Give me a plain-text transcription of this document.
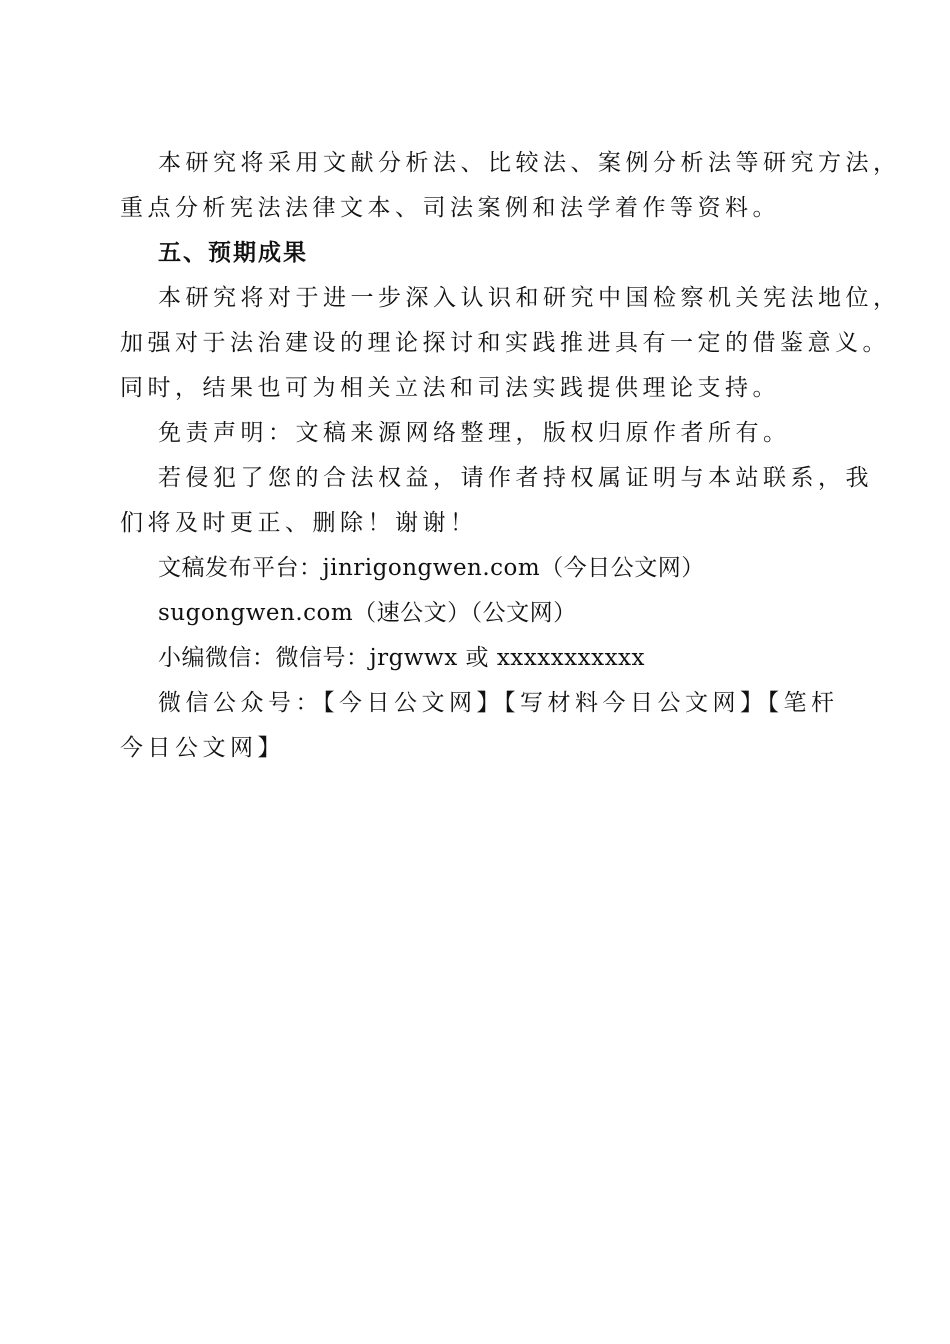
本研究将采用文献分析法、比较法、案例分析法等研究方法，
重点分析宪法法律文本、司法案例和法学着作等资料。
五、预期成果
本研究将对于进一步深入认识和研究中国检察机关宪法地位，
加强对于法治建设的理论探讨和实践推进具有一定的借鉴意义。
同时，结果也可为相关立法和司法实践提供理论支持。
免责声明：文稿来源网络整理，版权归原作者所有。
若侵犯了您的合法权益，请作者持权属证明与本站联系，我
们将及时更正、删除！谢谢！
文稿发布平台：jinrigongwen.com（今日公文网）
sugongwen.com（速公文）（公文网）
小编微信：微信号：jrgwwx 或 xxxxxxxxxxx
微信公众号：【今日公文网】【写材料今日公文网】【笔杆
今日公文网】
